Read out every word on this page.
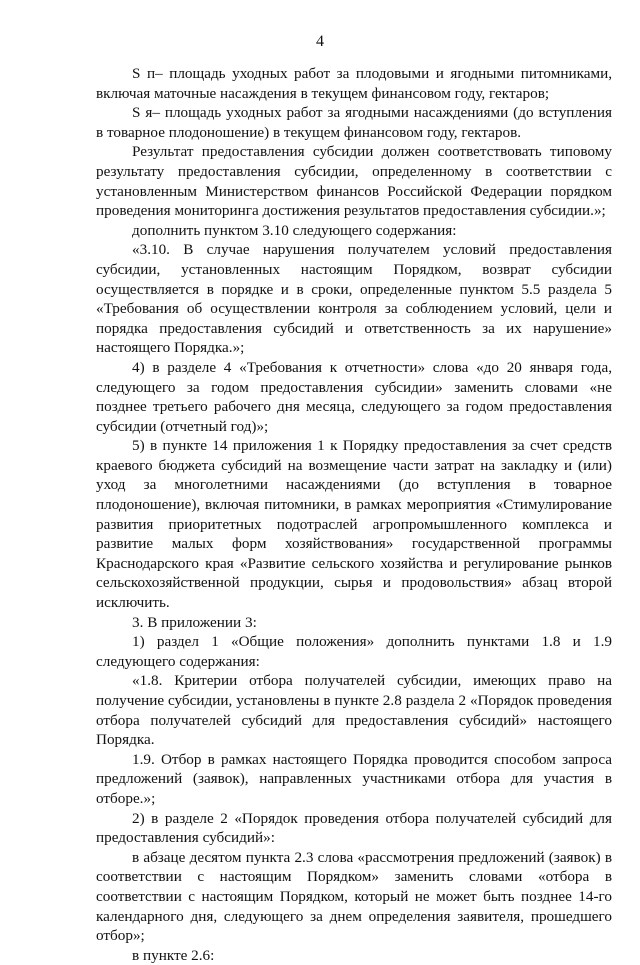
4

S п– площадь уходных работ за плодовыми и ягодными питомниками, включая маточные насаждения в текущем финансовом году, гектаров;

S я– площадь уходных работ за ягодными насаждениями (до вступления в товарное плодоношение) в текущем финансовом году, гектаров.

Результат предоставления субсидии должен соответствовать типовому результату предоставления субсидии, определенному в соответствии с установленным Министерством финансов Российской Федерации порядком проведения мониторинга достижения результатов предоставления субсидии.»;

дополнить пунктом 3.10 следующего содержания:

«3.10. В случае нарушения получателем условий предоставления субсидии, установленных настоящим Порядком, возврат субсидии осуществляется в порядке и в сроки, определенные пунктом 5.5 раздела 5 «Требования об осуществлении контроля за соблюдением условий, цели и порядка предоставления субсидий и ответственность за их нарушение» настоящего Порядка.»;

4) в разделе 4 «Требования к отчетности» слова «до 20 января года, следующего за годом предоставления субсидии» заменить словами «не позднее третьего рабочего дня месяца, следующего за годом предоставления субсидии (отчетный год)»;

5) в пункте 14 приложения 1 к Порядку предоставления за счет средств краевого бюджета субсидий на возмещение части затрат на закладку и (или) уход за многолетними насаждениями (до вступления в товарное плодоношение), включая питомники, в рамках мероприятия «Стимулирование развития приоритетных подотраслей агропромышленного комплекса и развитие малых форм хозяйствования» государственной программы Краснодарского края «Развитие сельского хозяйства и регулирование рынков сельскохозяйственной продукции, сырья и продовольствия» абзац второй исключить.

3. В приложении 3:

1) раздел 1 «Общие положения» дополнить пунктами 1.8 и 1.9 следующего содержания:

«1.8. Критерии отбора получателей субсидии, имеющих право на получение субсидии, установлены в пункте 2.8 раздела 2 «Порядок проведения отбора получателей субсидий для предоставления субсидий» настоящего Порядка.

1.9. Отбор в рамках настоящего Порядка проводится способом запроса предложений (заявок), направленных участниками отбора для участия в отборе.»;

2) в разделе 2 «Порядок проведения отбора получателей субсидий для предоставления субсидий»:

в абзаце десятом пункта 2.3 слова «рассмотрения предложений (заявок) в соответствии с настоящим Порядком» заменить словами «отбора в соответствии с настоящим Порядком, который не может быть позднее 14-го календарного дня, следующего за днем определения заявителя, прошедшего отбор»;

в пункте 2.6:
